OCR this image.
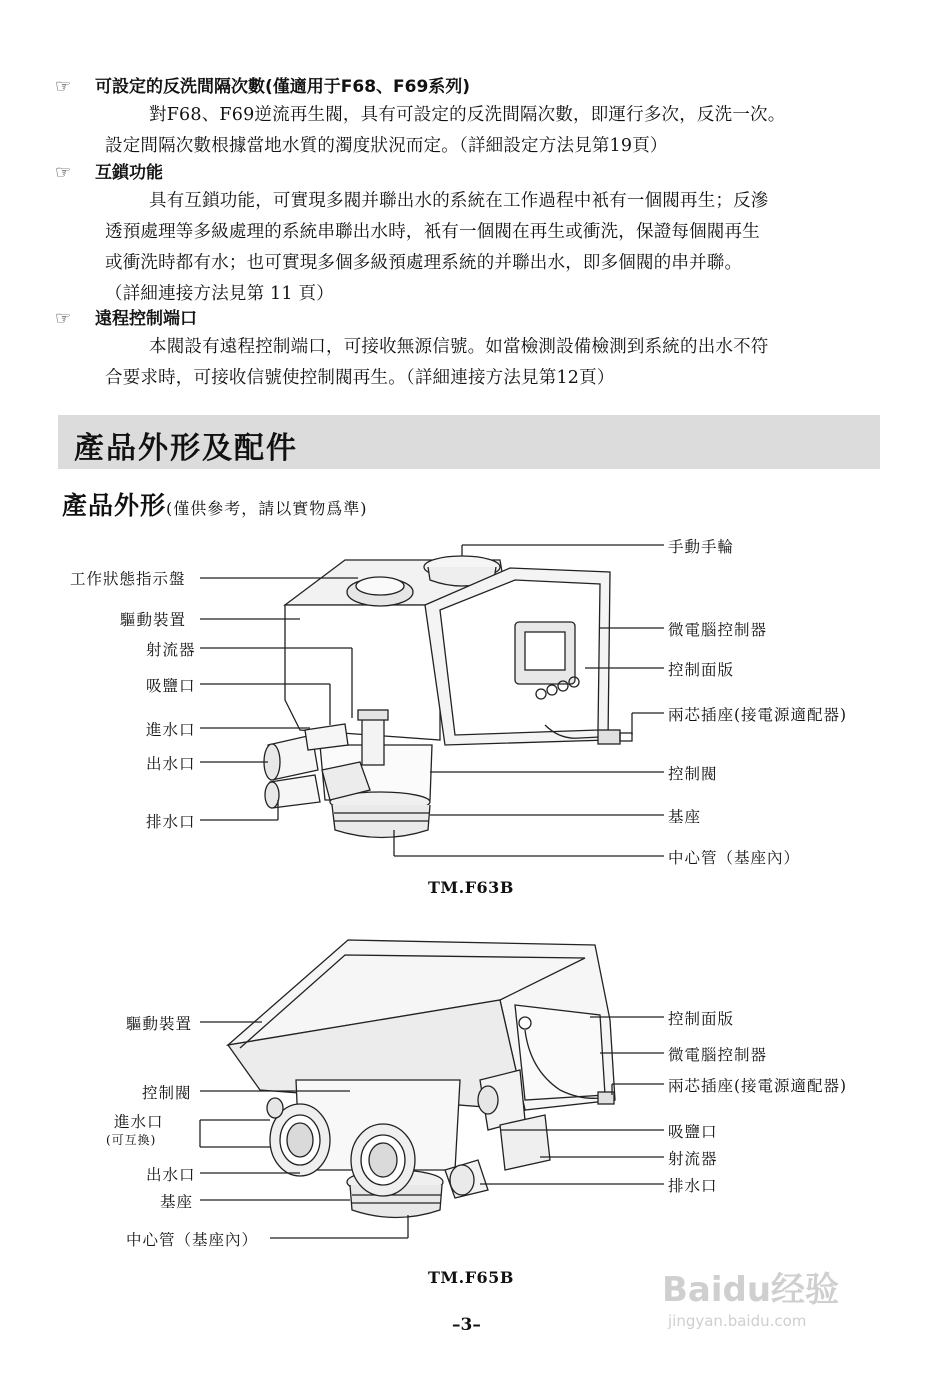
☞ 可設定的反洗間隔次數(僅適用于F68、F69系列)
對F68、F69逆流再生閥，具有可設定的反洗間隔次數，即運行多次，反洗一次。
設定間隔次數根據當地水質的濁度狀況而定。（詳細設定方法見第19頁）
☞ 互鎖功能
具有互鎖功能，可實現多閥并聯出水的系統在工作過程中衹有一個閥再生；反滲
透預處理等多級處理的系統串聯出水時，衹有一個閥在再生或衝洗，保證每個閥再生
或衝洗時都有水；也可實現多個多級預處理系統的并聯出水，即多個閥的串并聯。
（詳細連接方法見第 11 頁）
☞ 遠程控制端口
本閥設有遠程控制端口，可接收無源信號。如當檢測設備檢測到系統的出水不符
合要求時，可接收信號使控制閥再生。（詳細連接方法見第12頁）
產品外形及配件
產品外形(僅供參考，請以實物爲準)
手動手輪
工作狀態指示盤
驅動裝置
射流器
吸鹽口
進水口
出水口
排水口
微電腦控制器
控制面版
兩芯插座(接電源適配器)
控制閥
基座
中心管（基座內）
TM.F63B
驅動裝置
控制閥
進水口
(可互換)
出水口
基座
中心管（基座內）
控制面版
微電腦控制器
兩芯插座(接電源適配器)
吸鹽口
射流器
排水口
TM.F65B
–3–
Baidu经验
jingyan.baidu.com
